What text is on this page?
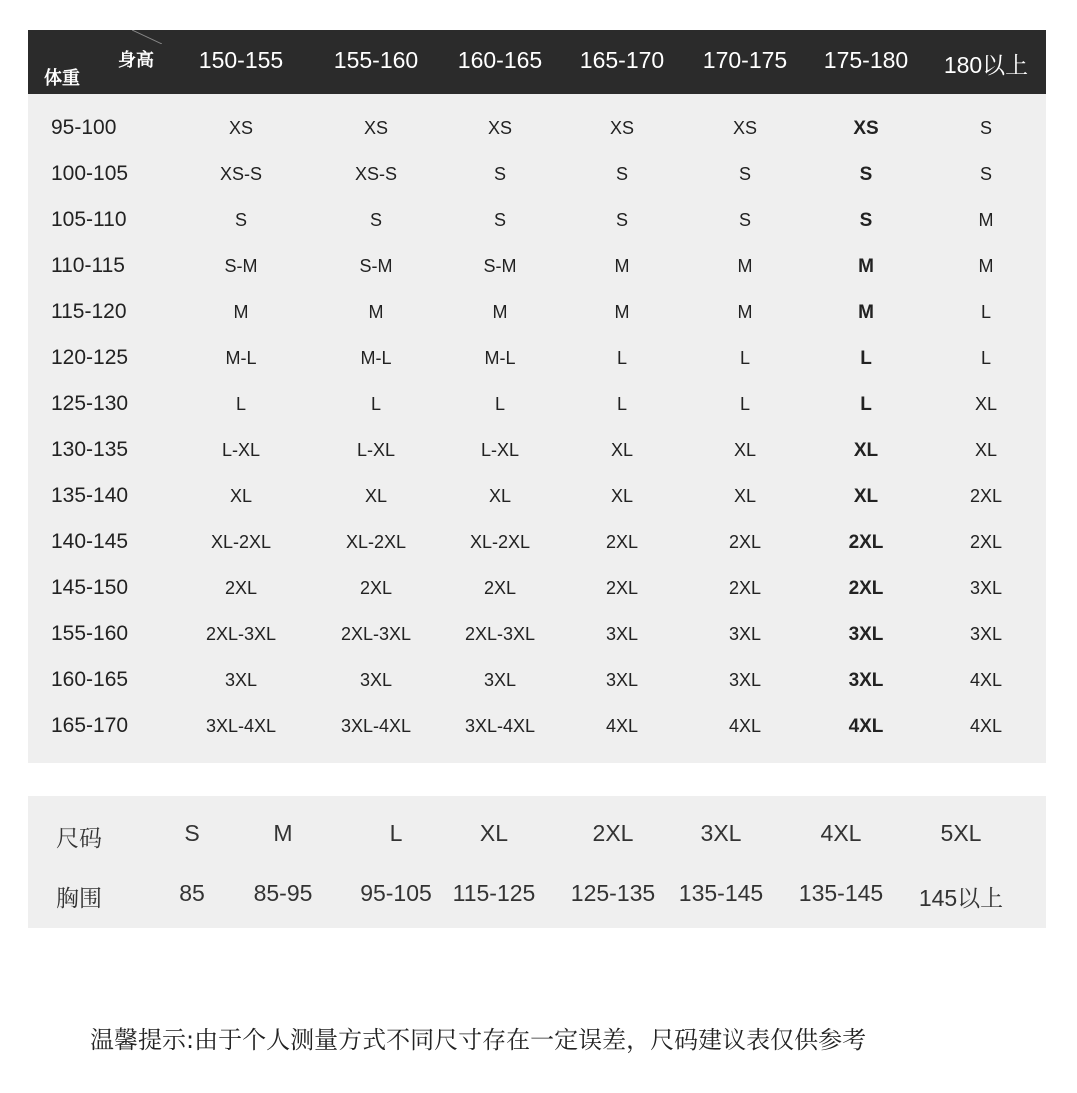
身高
体重
150-155	155-160	160-165	165-170	170-175	175-180	180以上
95-100	XS	XS	XS	XS	XS	XS	S
100-105	XS-S	XS-S	S	S	S	S	S
105-110	S	S	S	S	S	S	M
110-115	S-M	S-M	S-M	M	M	M	M
115-120	M	M	M	M	M	M	L
120-125	M-L	M-L	M-L	L	L	L	L
125-130	L	L	L	L	L	L	XL
130-135	L-XL	L-XL	L-XL	XL	XL	XL	XL
135-140	XL	XL	XL	XL	XL	XL	2XL
140-145	XL-2XL	XL-2XL	XL-2XL	2XL	2XL	2XL	2XL
145-150	2XL	2XL	2XL	2XL	2XL	2XL	3XL
155-160	2XL-3XL	2XL-3XL	2XL-3XL	3XL	3XL	3XL	3XL
160-165	3XL	3XL	3XL	3XL	3XL	3XL	4XL
165-170	3XL-4XL	3XL-4XL	3XL-4XL	4XL	4XL	4XL	4XL
尺码	S	M	L	XL	2XL	3XL	4XL	5XL
胸围	85	85-95	95-105 115-125	125-135	135-145	135-145	145以上
温馨提示:由于个人测量方式不同尺寸存在一定误差，尺码建议表仅供参考
